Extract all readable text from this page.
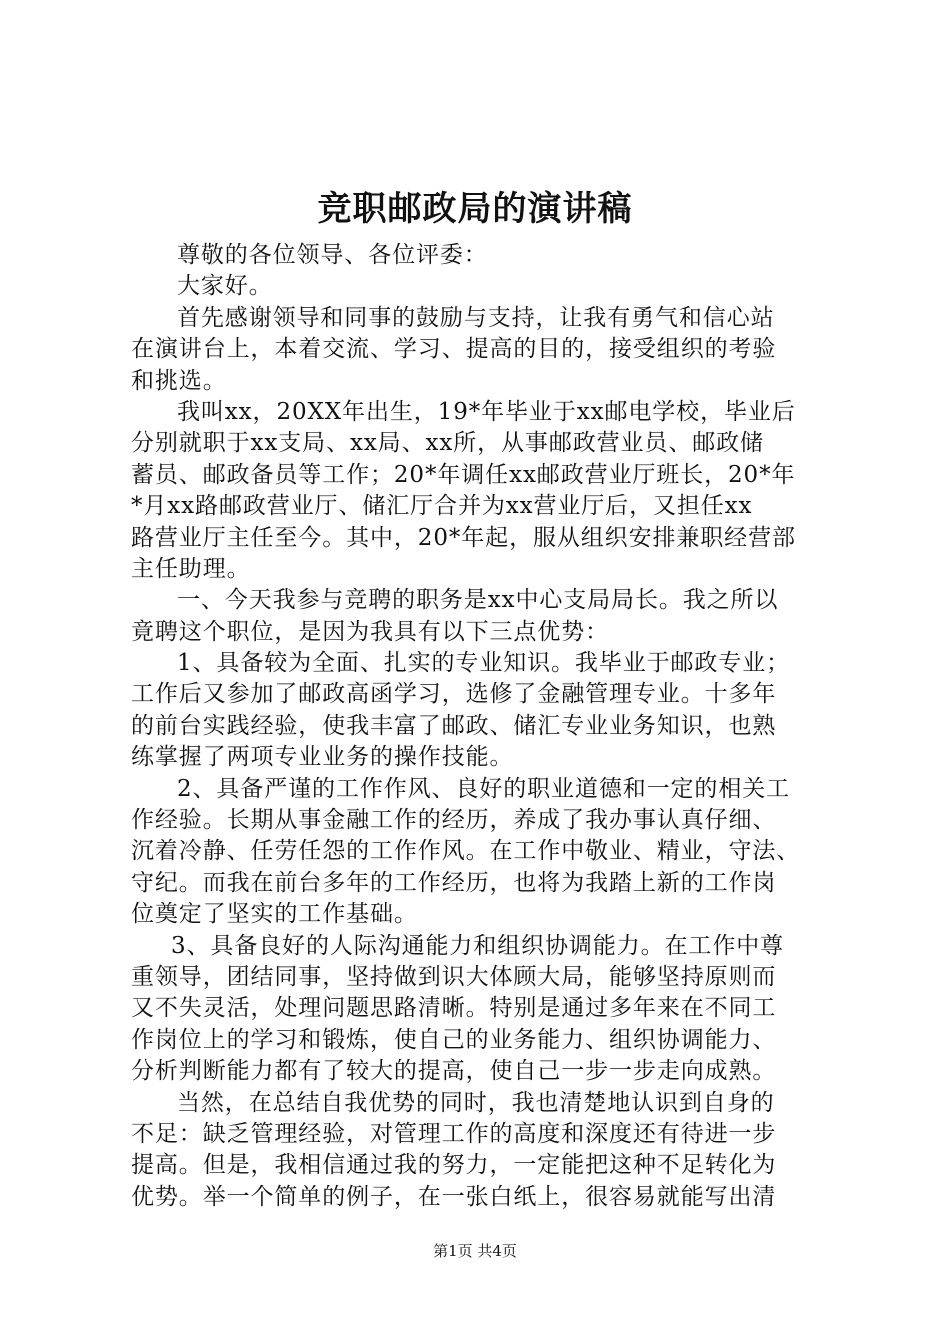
竞职邮政局的演讲稿
尊敬的各位领导、各位评委：
大家好。
首先感谢领导和同事的鼓励与支持，让我有勇气和信心站
在演讲台上，本着交流、学习、提高的目的，接受组织的考验
和挑选。
我叫xx，20XX年出生，19*年毕业于xx邮电学校，毕业后
分别就职于xx支局、xx局、xx所，从事邮政营业员、邮政储
蓄员、邮政备员等工作；20*年调任xx邮政营业厅班长，20*年
*月xx路邮政营业厅、储汇厅合并为xx营业厅后，又担任xx
路营业厅主任至今。其中，20*年起，服从组织安排兼职经营部
主任助理。
一、今天我参与竞聘的职务是xx中心支局局长。我之所以
竟聘这个职位，是因为我具有以下三点优势：
1、具备较为全面、扎实的专业知识。我毕业于邮政专业；
工作后又参加了邮政高函学习，选修了金融管理专业。十多年
的前台实践经验，使我丰富了邮政、储汇专业业务知识，也熟
练掌握了两项专业业务的操作技能。
2、具备严谨的工作作风、良好的职业道德和一定的相关工
作经验。长期从事金融工作的经历，养成了我办事认真仔细、
沉着冷静、任劳任怨的工作作风。在工作中敬业、精业，守法、
守纪。而我在前台多年的工作经历，也将为我踏上新的工作岗
位奠定了坚实的工作基础。
3、具备良好的人际沟通能力和组织协调能力。在工作中尊
重领导，团结同事，坚持做到识大体顾大局，能够坚持原则而
又不失灵活，处理问题思路清晰。特别是通过多年来在不同工
作岗位上的学习和锻炼，使自己的业务能力、组织协调能力、
分析判断能力都有了较大的提高，使自己一步一步走向成熟。
当然，在总结自我优势的同时，我也清楚地认识到自身的
不足：缺乏管理经验，对管理工作的高度和深度还有待进一步
提高。但是，我相信通过我的努力，一定能把这种不足转化为
优势。举一个简单的例子，在一张白纸上，很容易就能写出清
第1页 共4页
